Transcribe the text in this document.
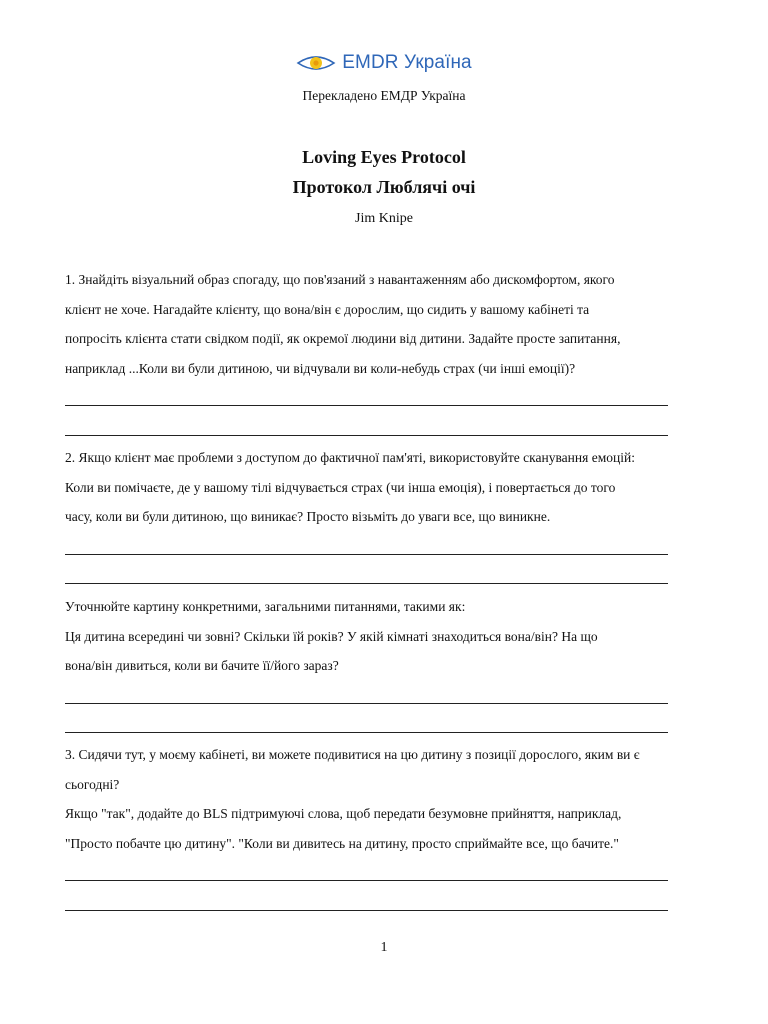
EMDR Україна
Перекладено ЕМДР Україна
Loving Eyes Protocol
Протокол Люблячі очі
Jim Knipe
1. Знайдіть візуальний образ спогаду, що пов'язаний з навантаженням або дискомфортом, якого
клієнт не хоче. Нагадайте клієнту, що вона/він є дорослим, що сидить у вашому кабінеті та
попросіть клієнта стати свідком події, як окремої людини від дитини. Задайте просте запитання,
наприклад ...Коли ви були дитиною, чи відчували ви коли-небудь страх (чи інші емоції)?
2. Якщо клієнт має проблеми з доступом до фактичної пам'яті, використовуйте сканування емоцій:
Коли ви помічаєте, де у вашому тілі відчувається страх (чи інша емоція), і повертається до того
часу, коли ви були дитиною, що виникає? Просто візьміть до уваги все, що виникне.
Уточнюйте картину конкретними, загальними питаннями, такими як:
Ця дитина всередині чи зовні? Скільки їй років? У якій кімнаті знаходиться вона/він? На що
вона/він дивиться, коли ви бачите її/його зараз?
3. Сидячи тут, у моєму кабінеті, ви можете подивитися на цю дитину з позиції дорослого, яким ви є
сьогодні?
Якщо "так", додайте до BLS підтримуючі слова, щоб передати безумовне прийняття, наприклад,
"Просто побачте цю дитину". "Коли ви дивитесь на дитину, просто сприймайте все, що бачите."
1
